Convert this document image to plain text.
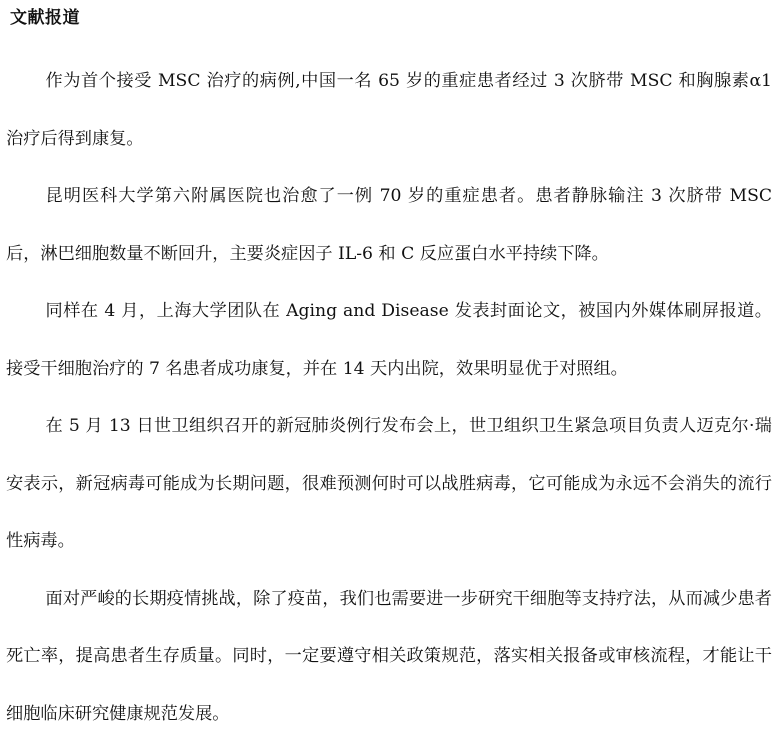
文献报道

作为首个接受 MSC 治疗的病例,中国一名 65 岁的重症患者经过 3 次脐带 MSC 和胸腺素α1 治疗后得到康复。

昆明医科大学第六附属医院也治愈了一例 70 岁的重症患者。患者静脉输注 3 次脐带 MSC 后，淋巴细胞数量不断回升，主要炎症因子 IL-6 和 C 反应蛋白水平持续下降。

同样在 4 月，上海大学团队在 Aging and Disease 发表封面论文，被国内外媒体刷屏报道。接受干细胞治疗的 7 名患者成功康复，并在 14 天内出院，效果明显优于对照组。

在 5 月 13 日世卫组织召开的新冠肺炎例行发布会上，世卫组织卫生紧急项目负责人迈克尔·瑞安表示，新冠病毒可能成为长期问题，很难预测何时可以战胜病毒，它可能成为永远不会消失的流行性病毒。

面对严峻的长期疫情挑战，除了疫苗，我们也需要进一步研究干细胞等支持疗法，从而减少患者死亡率，提高患者生存质量。同时，一定要遵守相关政策规范，落实相关报备或审核流程，才能让干细胞临床研究健康规范发展。
